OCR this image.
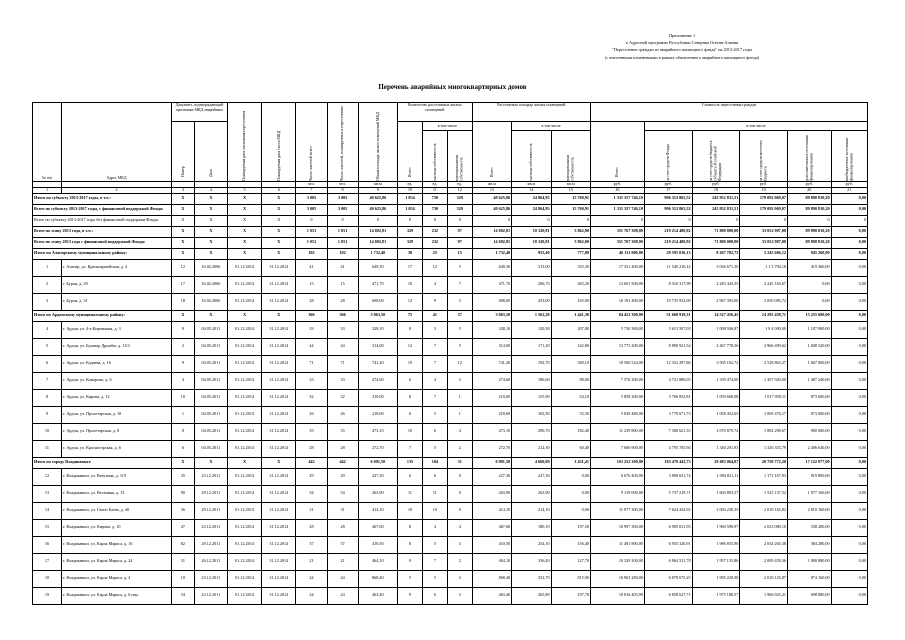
Приложение 1
к Адресной программе Республики Северная Осетия-Алания
"Переселение граждан из аварийного жилищного фонда" на 2013-2017 годы
(с внесенными изменениями в рамках обновленного аварийного жилищного фонда)
Перечень аварийных многоквартирных домов
№ п/п	Адрес МКД	Документ, подтверждающий признание МКД аварийным		Планируемая дата окончания переселения	Планируемая дата сноса МКД	Число жителей всего	Число жителей, планируемых к переселению	Общая площадь жилых помещений МКД	Количество расселяемых жилых помещений			Расселяемая площадь жилых помещений			Стоимость переселения граждан					

		Номер	Дата						Всего	в том числе		Всего	в том числе		Всего	в том числе				

										частная собственность	муниципальная собственность		частная собственность	муниципальная собственность		за счет средств Фонда	за счет средств бюджета субъекта Российской Федерации	за счет средств местного бюджета	дополнительные источники финансирования	внебюджетные источники финансирования

						чел.	чел.	кв.м	ед.	ед.	ед.	кв.м	кв.м	кв.м	руб.	руб.	руб.	руб.	руб.	руб.
1	2	3	4	5	6	7	8	9	10	11	12	13	14	15	16	17	18	19	20	21
Итого по субъекту 2013-2017 годы, в т.ч.:		X	X	X	X	3 005	3 005	40 625,86	1 054	730	329	40 625,86	24 864,95	15 760,91	1 331 357 746,10	996 312 865,52	245 952 831,51	179 092 069,07	89 890 810,20	0,00
Всего по субъекту 2013-2017 годы, с финансовой поддержкой Фонда:		X	X	X	X	3 005	3 005	40 625,86	1 054	730	329	40 625,86	24 864,95	15 760,91	1 331 357 746,10	996 312 865,52	245 952 831,51	179 092 069,07	89 890 810,20	0,00
Всего по субъекту 2013-2017 годы без финансовой поддержки Фонда:		X	X	X	X	0	0	0	0	0	0	0	0	0	0	0	0	0	0	0
Всего по этапу 2013 года, в т.ч.:		X	X	X	X	1 051	1 051	14 692,81	329	232	97	14 692,81	10 320,81	3 862,00	351 767 308,00	219 214 400,92	71 800 000,00	33 052 907,08	89 890 810,20	0,00
Всего по этапу 2013 года с финансовой поддержкой Фонда:		X	X	X	X	1 051	1 051	14 692,81	329	232	97	14 692,81	10 320,81	3 862,00	351 767 308,00	219 214 400,92	71 800 000,00	33 052 907,08	89 890 810,20	0,00
Итого по Алагирскому муниципальному району:		X	X	X	X	102	102	1 732,40	30	25	15	1 732,40	955,40	777,00	46 113 000,00	29 595 016,13	8 267 782,75	5 245 666,12	945 260,00	0,00
1	г. Алагир, ул. Красноармейская, д. 4	12	16.02.2006	01.12.2014	31.12.2014	41	41	649,30	17	12	5	649,30	313,00	335,30	17 331 400,00	11 540 216,12	3 036 671,30	1 1 5 794,18	419 360,00	0,00
2	г. Бурон, д. 29	17	16.02.2006	01.12.2014	31.12.2014	15	15	471,70	10	4	7	471,70	206,70	265,20	12 601 500,00	8 310 317,98	2 283 443,35	2 245 163,67	0,00	0,00
3	г. Бурон, д. 31	18	16.02.2006	01.12.2014	31.12.2014	28	28	608,00	12	9	3	608,00	433,00	165,00	16 181 400,00	10 735 932,00	2 967 393,00	2 050 085,72	0,00	0,00
Итого по Ардонскому муниципальному району:		X	X	X	X	366	366	3 063,50	75	41	37	3 063,50	1 562,20	1 441,30	84 452 300,00	51 660 919,31	14 527 456,45	14 295 438,71	15 255 600,00	0,00
4	г. Ардон, ул. 4-я Кирпичная, д. 3	9	04.05.2011	01.12.2014	31.12.2014	33	33	328,10	8	3	5	328,10	120,30	207,80	5 730 380,00	3 613 507,03	1 008 946,87	1 9 4 000,00	1 187 000,00	0,00
5	г. Ардон, ул. Бульвар Дружбы, д. 13/3	2	04.05.2011	01.12.2014	31.12.2014	44	44	314,00	12	7	5	314,00	171,20	142,80	13 773 200,00	8 890 921,54	2 467 778,56	2 966 499,62	1 608 320,00	0,00
6	г. Ардон, ул. Кадаева, д. 16	9	04.05.2011	01.12.2014	31.12.2014	71	71	741,20	19	7	12	741,20	192,70	549,10	18 560 524,00	12 352 297,86	3 505 102,72	2 528 863,27	1 667 000,00	0,00
7	г. Ардон, ул. Комарова, д. 6	4	04.05.2011	01.12.2014	31.12.2014	33	33	274,60	6	4	2	274,60	186,60	88,00	7 576 200,00	4 721 886,05	1 339 474,00	1 307 920,00	1 487 240,00	0,00
8	г. Ардон, ул. Кирова, д. 12	10	04.05.2011	01.12.2014	31.12.2014	32	32	210,00	8	7	1	210,00	155,90	54,10	5 858 200,00	3 766 833,81	1 059 668,08	1 017 058,11	873 600,00	0,00
9	г. Ардон, ул. Пролетарская, д. 18	1	04.05.2011	01.12.2014	31.12.2014	26	26	218,60	6	5	1	218,60	163,30	55,30	5 838 480,00	3 779 671,73	1 058 452,65	1 009 476,17	873 060,00	0,00
10	г. Ардон, ул. Пролетарская, д. 8	8	04.05.2011	01.12.2014	31.12.2014	35	35	473,10	10	6	4	473,10	290,70	182,40	11 239 800,00	7 380 621,35	2 070 879,72	1 882 298,67	900 000,00	0,00
11	г. Ардон, ул. Красногорская, д. 6	6	04.05.2011	01.12.2014	31.12.2014	28	28	272,70	7	5	2	272,70	212,30	60,40	7 666 900,00	4 795 705,94	1 340 201,93	1 326 353,79	2 406 640,00	0,00
Итого по городу Владикавказ:		X	X	X	X	442	442	6 091,50	135	104	31	6 091,50	4 660,09	1 431,41	163 252 300,00	103 478 443,73	29 483 064,07	20 750 772,20	17 122 977,00	0,00
12	г. Владикавказ, ул. Ватутина, д. 119	35	23.12.2011	01.12.2014	31.12.2014	29	29	227,30	6	6	0	227,30	227,30	0,00	6 676 400,00	3 890 631,74	1 094 821,11	1 171 167,93	919 800,00	0,00
13	г. Владикавказ, ул. Весенняя, д. 15	90	29.12.2011	01.12.2014	31.12.2014	54	54	263,90	11	11	0	263,90	263,90	0,00	9 139 000,00	5 737 219,71	1 604 803,37	1 525 137,52	1 977 160,00	0,00
14	г. Владикавказ, ул. Гаппо Баева, д. 40	36	29.12.2011	01.12.2014	31.12.2014	31	31	414,10	10	10	0	414,10	414,10	0,00	11 977 300,00	7 624 434,92	2 094 230,35	2 010 165,82	2 810 160,00	0,00
15	г. Владикавказ, ул. Кирова, д. 10	47	23.12.2011	01.12.2014	31.12.2014	28	28	467,60	8	4	4	467,60	180,10	197,50	10 997 300,00	6 985 031,95	1 960 598,97	2 023 080,10	538 200,00	0,00
16	г. Владикавказ, ул. Карла Маркса, д. 16	82	29.12.2011	01.12.2014	31.12.2014	37	37	410,50	8	5	3	410,50	254,10	156,40	11 481 800,00	6 955 326,91	1 986 855,90	2 034 265,38	384 280,00	0,00
17	г. Владикавказ, ул. Карла Маркса, д. 24	31	26.12.2011	01.12.2014	31.12.2014	21	21	464,10	9	7	2	464,10	336,40	127,70	10 329 200,00	6 864 531,78	1 957 135,86	2 009 459,36	1 080 080,00	0,00
18	г. Владикавказ, ул. Карла Маркса, д. 4	10	23.12.2011	01.12.2014	31.12.2014	24	24	868,40	5	5	3	868,40	352,70	815,90	16 963 280,00	6 878 675,25	1 995 228,98	2 010 125,87	874 160,00	0,00
19	г. Владикавказ, ул. Карла Маркса, д. 6 пер.	34	23.12.2011	01.12.2014	31.12.2014	24	24	463,40	9	6	3	463,40	265,80	197,70	10 816 403,99	6 858 627,71	1 975 188,57	1 966 925,21	698 880,00	0,00
